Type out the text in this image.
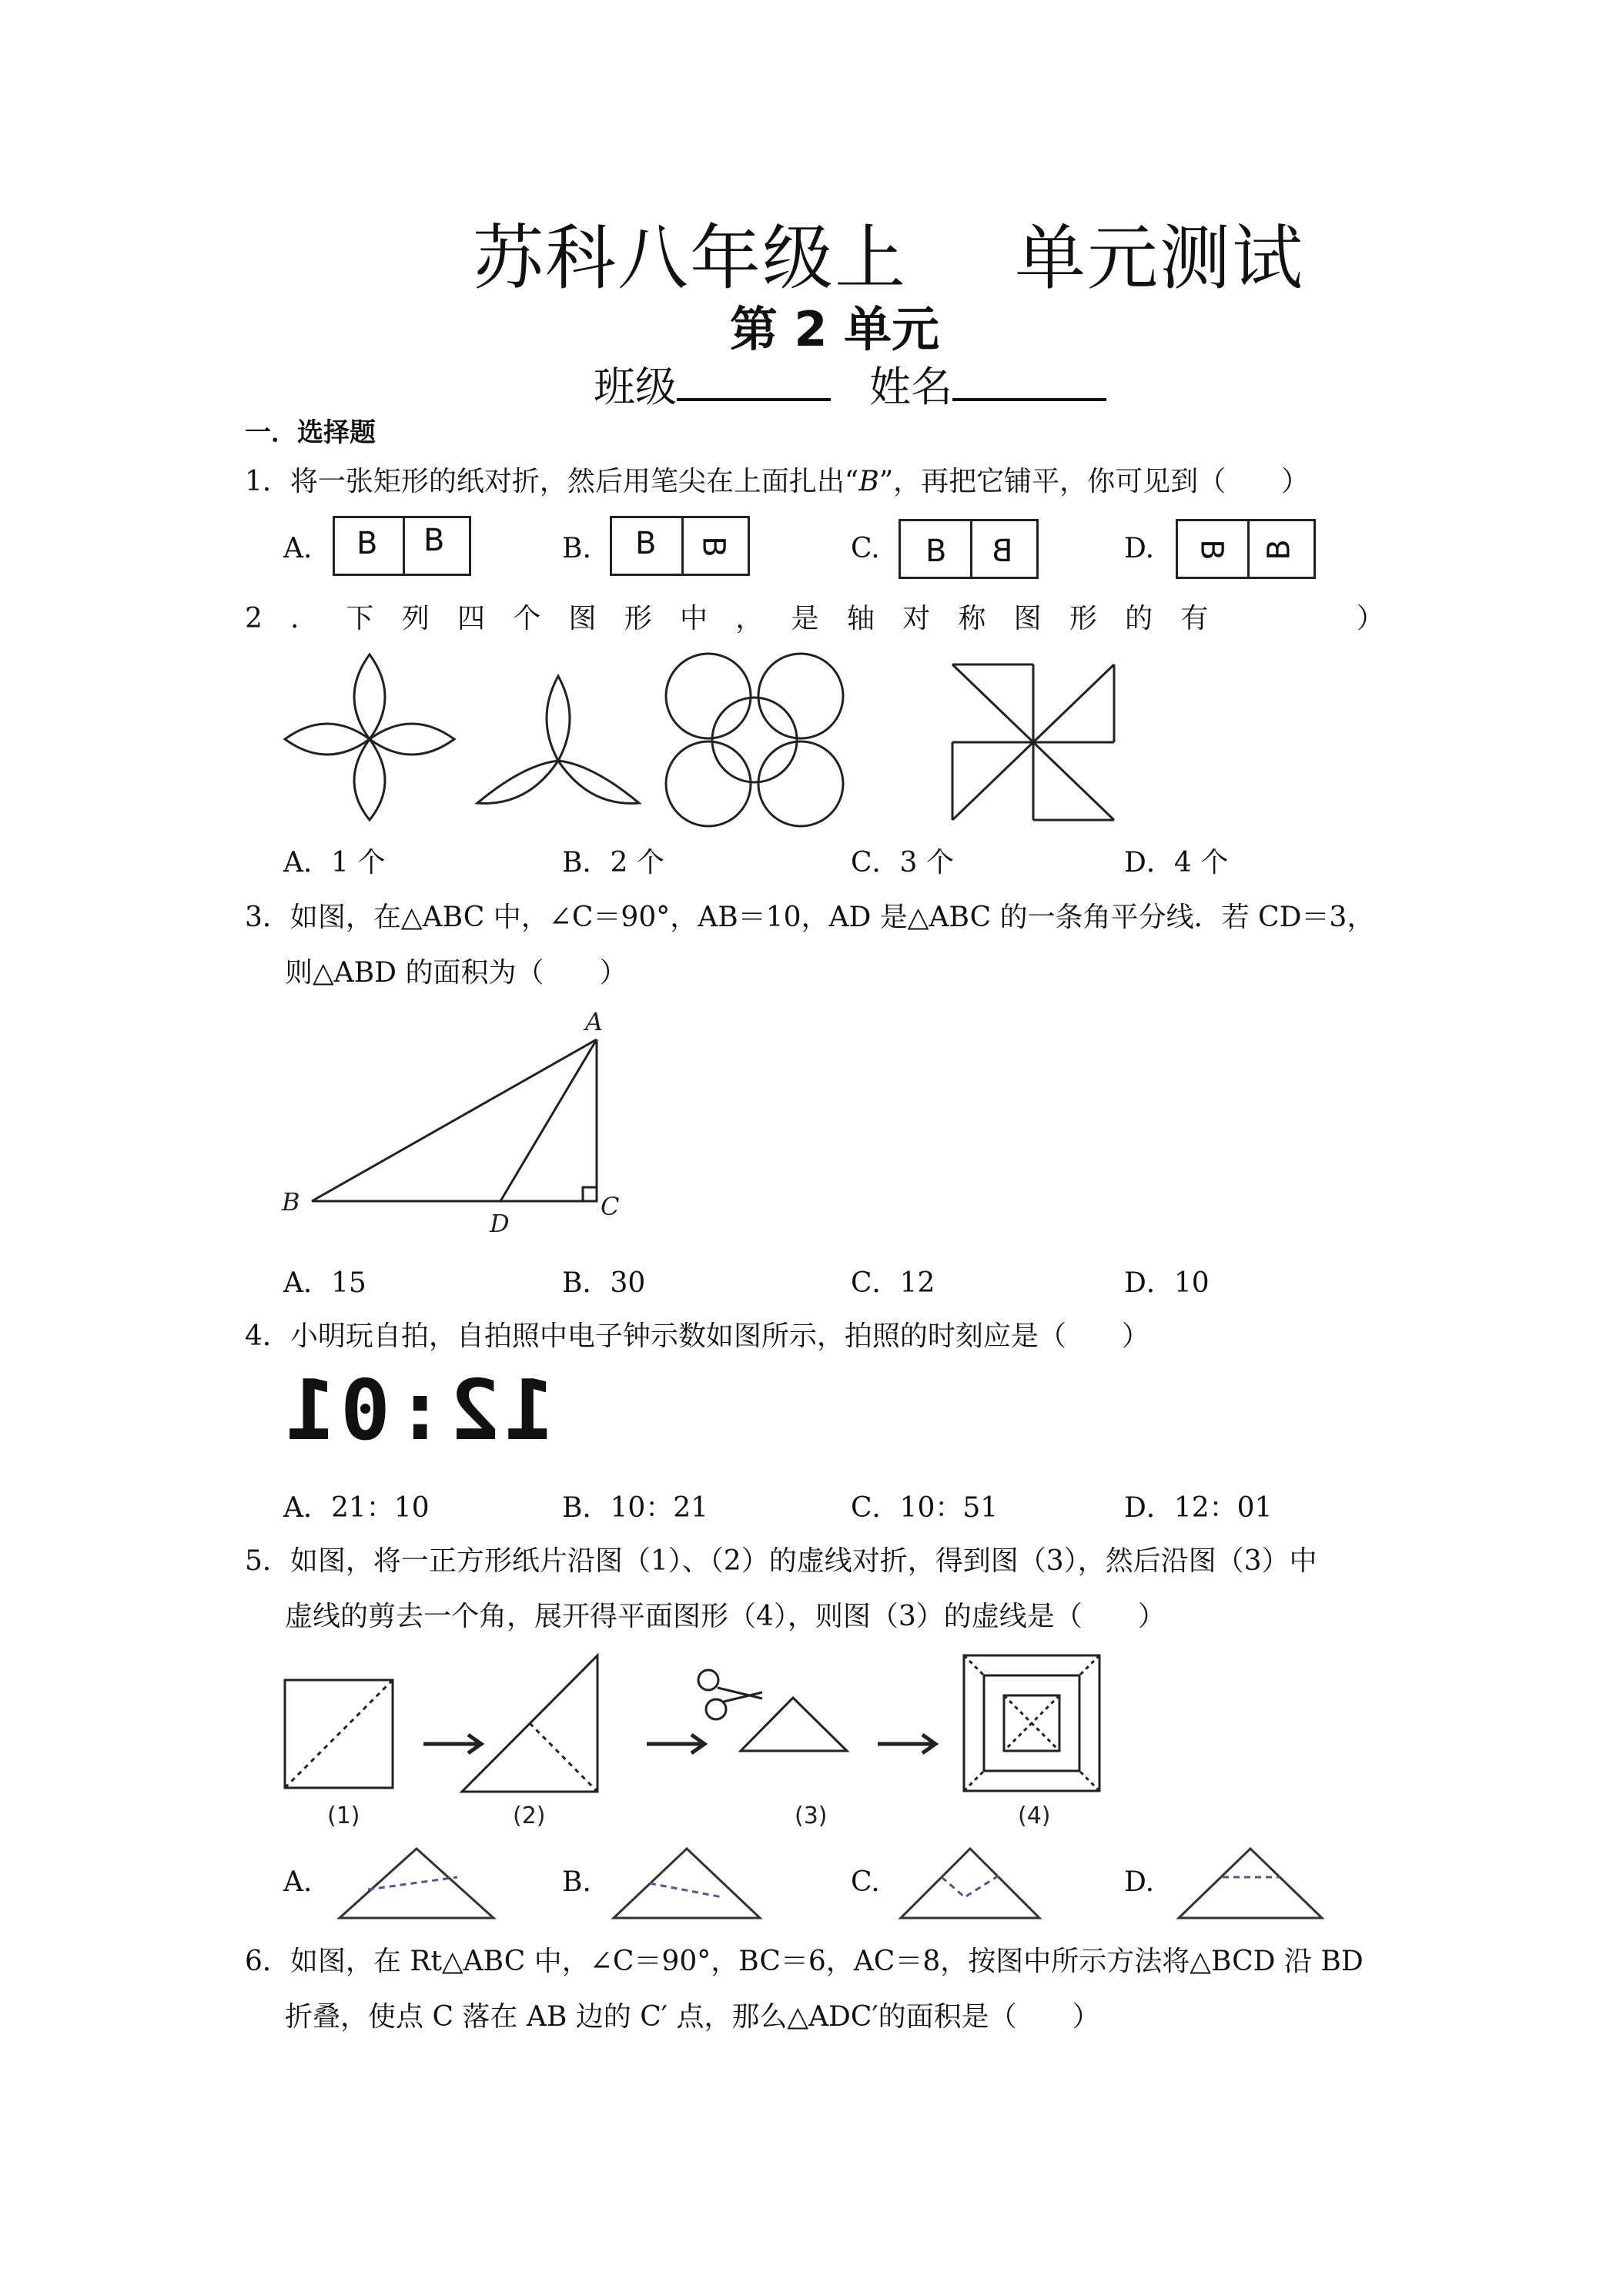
苏科八年级上 单元测试
第 2 单元
班级	姓名
一．选择题
1．将一张矩形的纸对折，然后用笔尖在上面扎出“B”，再把它铺平，你可见到（　　）
A. B B	B. B B	C. B B	D. B B
2 ． 下 列 四 个 图 形 中 ， 是 轴 对 称 图 形 的 有	）
A．1 个	B．2 个	C．3 个	D．4 个
3．如图，在△ABC 中，∠C＝90°，AB＝10，AD 是△ABC 的一条角平分线．若 CD＝3，
则△ABD 的面积为（　　）
A
B	C
D
A．15	B．30	C．12	D．10
4．小明玩自拍，自拍照中电子钟示数如图所示，拍照的时刻应是（　　）
12:01
A．21：10	B．10：21	C．10：51	D．12：01
5．如图，将一正方形纸片沿图（1）、（2）的虚线对折，得到图（3），然后沿图（3）中
虚线的剪去一个角，展开得平面图形（4），则图（3）的虚线是（　　）
(1)	(2)	(3)	(4)
A.	B.	C.	D.
6．如图，在 Rt△ABC 中，∠C＝90°，BC＝6，AC＝8，按图中所示方法将△BCD 沿 BD
折叠，使点 C 落在 AB 边的 C′ 点，那么△ADC′的面积是（　　）
